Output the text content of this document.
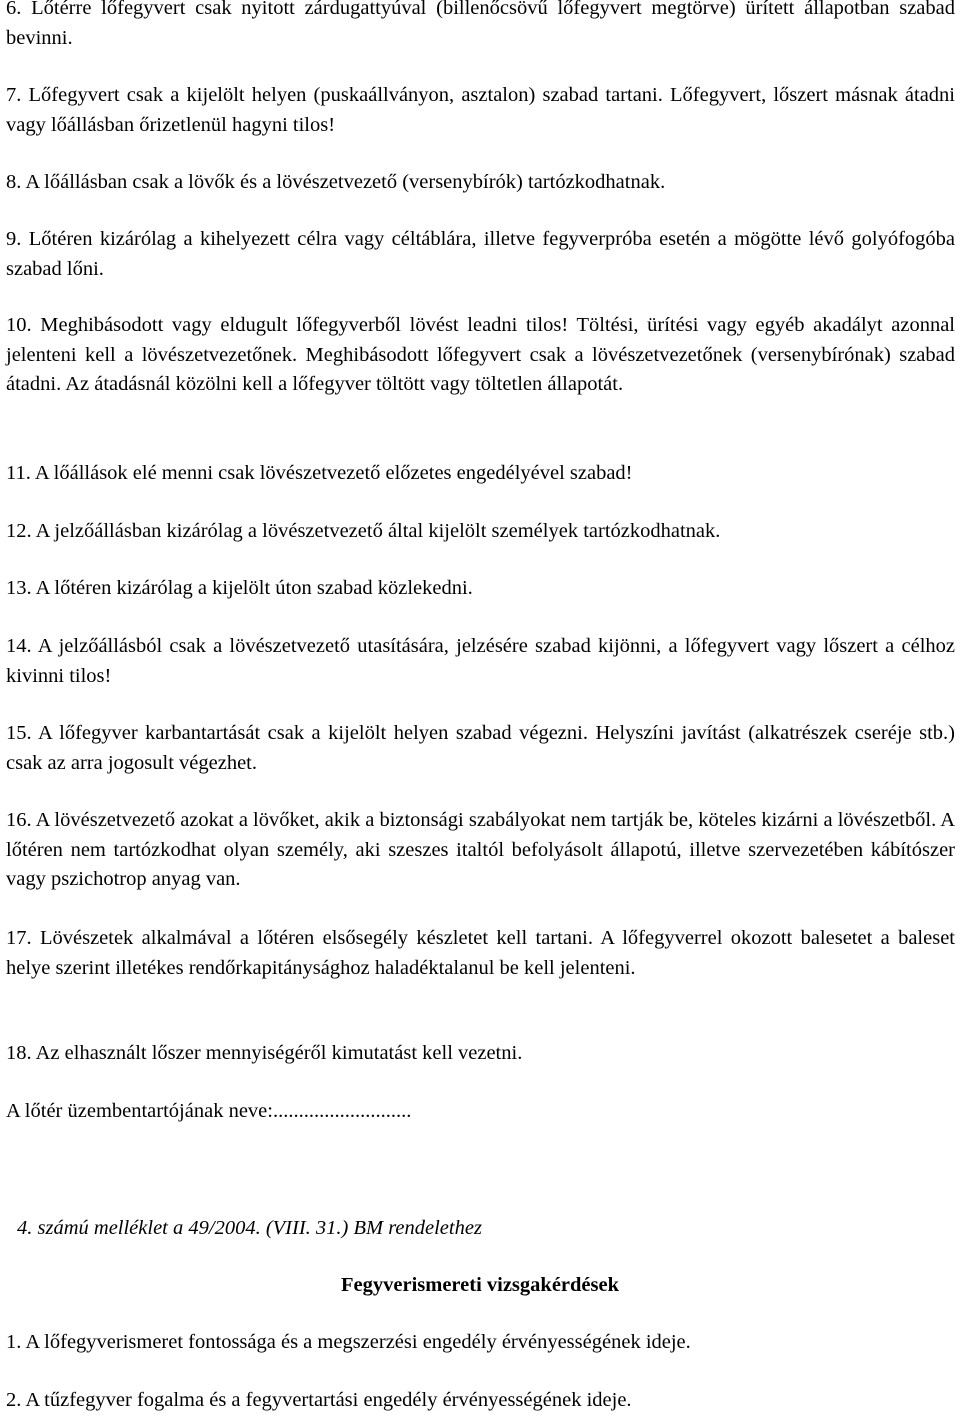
6. Lőtérre lőfegyvert csak nyitott zárdugattyúval (billenőcsövű lőfegyvert megtörve) ürített állapotban szabad bevinni.

7. Lőfegyvert csak a kijelölt helyen (puskaállványon, asztalon) szabad tartani. Lőfegyvert, lőszert másnak átadni vagy lőállásban őrizetlenül hagyni tilos!

8. A lőállásban csak a lövők és a lövészetvezető (versenybírók) tartózkodhatnak.

9. Lőtéren kizárólag a kihelyezett célra vagy céltáblára, illetve fegyverpróba esetén a mögötte lévő golyófogóba szabad lőni.

10. Meghibásodott vagy eldugult lőfegyverből lövést leadni tilos! Töltési, ürítési vagy egyéb akadályt azonnal jelenteni kell a lövészetvezetőnek. Meghibásodott lőfegyvert csak a lövészetvezetőnek (versenybírónak) szabad átadni. Az átadásnál közölni kell a lőfegyver töltött vagy töltetlen állapotát.

11. A lőállások elé menni csak lövészetvezető előzetes engedélyével szabad!

12. A jelzőállásban kizárólag a lövészetvezető által kijelölt személyek tartózkodhatnak.

13. A lőtéren kizárólag a kijelölt úton szabad közlekedni.

14. A jelzőállásból csak a lövészetvezető utasítására, jelzésére szabad kijönni, a lőfegyvert vagy lőszert a célhoz kivinni tilos!

15. A lőfegyver karbantartását csak a kijelölt helyen szabad végezni. Helyszíni javítást (alkatrészek cseréje stb.) csak az arra jogosult végezhet.

16. A lövészetvezető azokat a lövőket, akik a biztonsági szabályokat nem tartják be, köteles kizárni a lövészetből. A lőtéren nem tartózkodhat olyan személy, aki szeszes italtól befolyásolt állapotú, illetve szervezetében kábítószer vagy pszichotrop anyag van.

17. Lövészetek alkalmával a lőtéren elsősegély készletet kell tartani. A lőfegyverrel okozott balesetet a baleset helye szerint illetékes rendőrkapitánysághoz haladéktalanul be kell jelenteni.

18. Az elhasznált lőszer mennyiségéről kimutatást kell vezetni.

A lőtér üzembentartójának neve:...........................

4. számú melléklet a 49/2004. (VIII. 31.) BM rendelethez

Fegyverismereti vizsgakérdések

1. A lőfegyverismeret fontossága és a megszerzési engedély érvényességének ideje.

2. A tűzfegyver fogalma és a fegyvertartási engedély érvényességének ideje.
